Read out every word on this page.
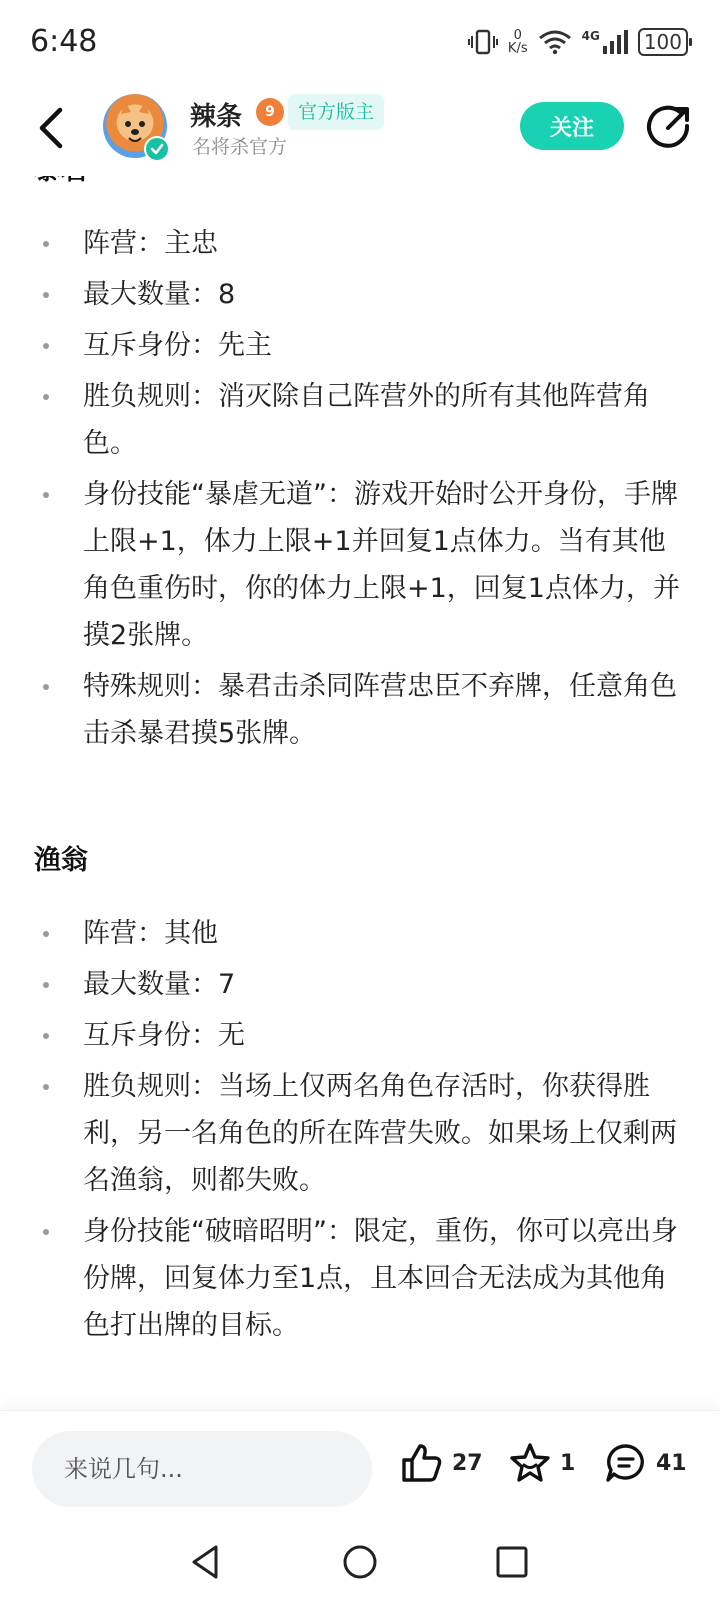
6:48	0
K/s
4G	100
辣条	9	官方版主
名将杀官方
关注
阵营：主忠
最大数量：8
互斥身份：先主
胜负规则：消灭除自己阵营外的所有其他阵营角色。
身份技能“暴虐无道”：游戏开始时公开身份，手牌上限+1，体力上限+1并回复1点体力。当有其他角色重伤时，你的体力上限+1，回复1点体力，并摸2张牌。
特殊规则：暴君击杀同阵营忠臣不弃牌，任意角色击杀暴君摸5张牌。
渔翁
阵营：其他
最大数量：7
互斥身份：无
胜负规则：当场上仅两名角色存活时，你获得胜利，另一名角色的所在阵营失败。如果场上仅剩两名渔翁，则都失败。
身份技能“破暗昭明”：限定，重伤，你可以亮出身份牌，回复体力至1点，且本回合无法成为其他角色打出牌的目标。
来说几句...
27	1	41
